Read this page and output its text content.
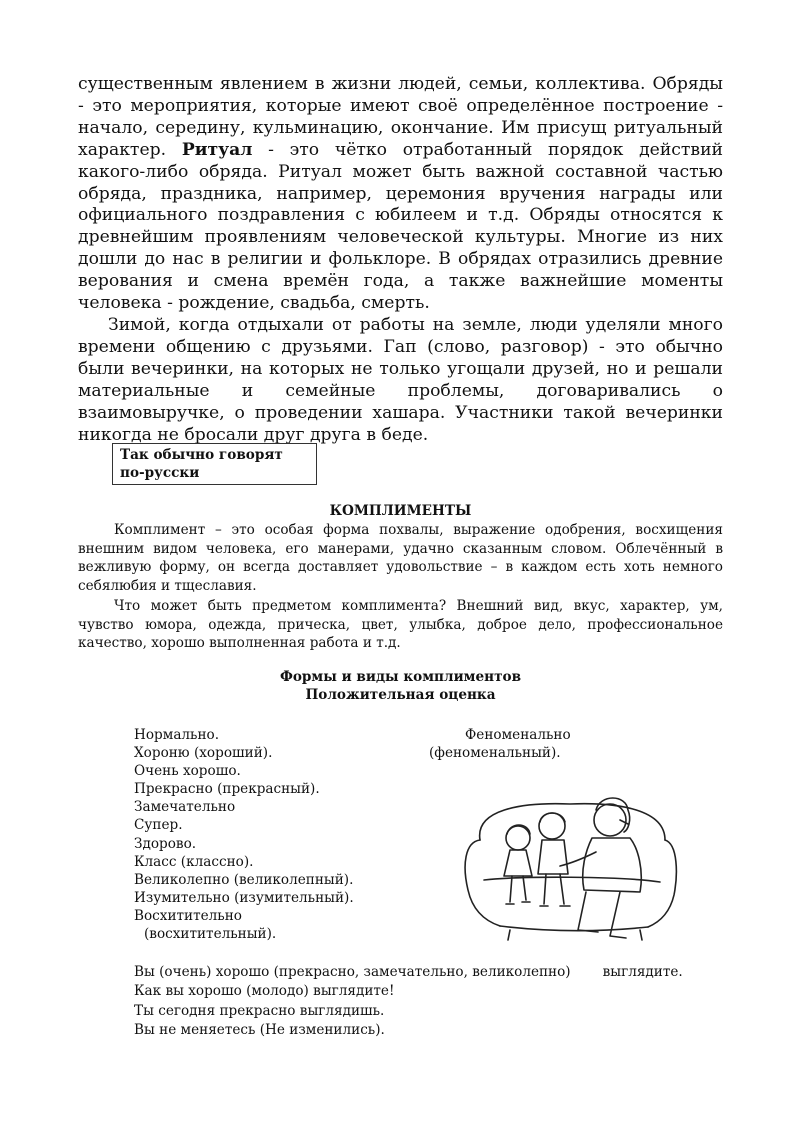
существенным явлением в жизни людей, семьи, коллектива. Обряды - это мероприятия, которые имеют своё определённое построение - начало, середину, кульминацию, окончание. Им присущ ритуальный характер. Ритуал - это чётко отработанный порядок действий какого-либо обряда. Ритуал может быть важной составной частью обряда, праздника, например, церемония вручения награды или официального поздравления с юбилеем и т.д. Обряды относятся к древнейшим проявлениям человеческой культуры. Многие из них дошли до нас в религии и фольклоре. В обрядах отразились древние верования и смена времён года, а также важнейшие моменты человека - рождение, свадьба, смерть.

Зимой, когда отдыхали от работы на земле, люди уделяли много времени общению с друзьями. Гап (слово, разговор) - это обычно были вечеринки, на которых не только угощали друзей, но и решали материальные и семейные проблемы, договаривались о взаимовыручке, о проведении хашара. Участники такой вечеринки никогда не бросали друг друга в беде.

Так обычно говорят
по-русски
КОМПЛИМЕНТЫ

Комплимент – это особая форма похвалы, выражение одобрения, восхищения внешним видом человека, его манерами, удачно сказанным словом. Облечённый в вежливую форму, он всегда доставляет удовольствие – в каждом есть хоть немного себялюбия и тщеславия.

Что может быть предметом комплимента? Внешний вид, вкус, характер, ум, чувство юмора, одежда, прическа, цвет, улыбка, доброе дело, профессиональное качество, хорошо выполненная работа и т.д.

Формы и виды комплиментов
Положительная оценка
Нормально.
Хороню (хороший).
Очень хорошо.
Прекрасно (прекрасный).
Замечательно
Супер.
Здорово.
Класс (классно).
Великолепно (великолепный).
Изумительно (изумительный).
Восхитительно
(восхитительный).
Феноменально
(феноменальный).
Вы (очень) хорошо (прекрасно, замечательно, великолепно) выглядите.
Как вы хорошо (молодо) выглядите!
Ты сегодня прекрасно выглядишь.
Вы не меняетесь (Не изменились).
